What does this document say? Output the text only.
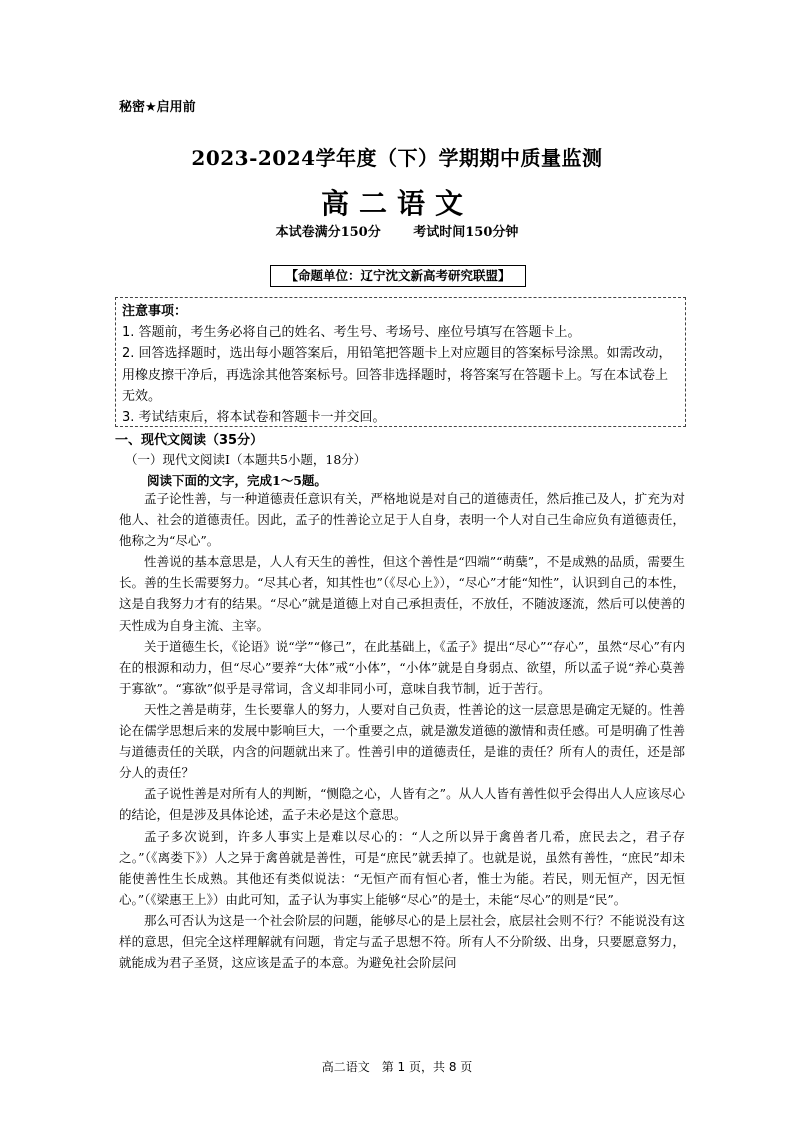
秘密★启用前
2023-2024学年度（下）学期期中质量监测
高二语文
本试卷满分150分	考试时间150分钟
【命题单位：辽宁沈文新高考研究联盟】

注意事项：

1. 答题前，考生务必将自己的姓名、考生号、考场号、座位号填写在答题卡上。

2. 回答选择题时，选出每小题答案后，用铅笔把答题卡上对应题目的答案标号涂黑。如需改动，用橡皮擦干净后，再选涂其他答案标号。回答非选择题时，将答案写在答题卡上。写在本试卷上无效。

3. 考试结束后，将本试卷和答题卡一并交回。

一、现代文阅读（35分）
（一）现代文阅读Ⅰ（本题共5小题，18分）
阅读下面的文字，完成1～5题。

孟子论性善，与一种道德责任意识有关，严格地说是对自己的道德责任，然后推己及人，扩充为对他人、社会的道德责任。因此，孟子的性善论立足于人自身，表明一个人对自己生命应负有道德责任，他称之为“尽心”。

性善说的基本意思是，人人有天生的善性，但这个善性是“四端”“萌蘖”，不是成熟的品质，需要生长。善的生长需要努力。“尽其心者，知其性也”（《尽心上》），“尽心”才能“知性”，认识到自己的本性，这是自我努力才有的结果。“尽心”就是道德上对自己承担责任，不放任，不随波逐流，然后可以使善的天性成为自身主流、主宰。

关于道德生长，《论语》说“学”“修己”，在此基础上，《孟子》提出“尽心”“存心”，虽然“尽心”有内在的根源和动力，但“尽心”要养“大体”戒“小体”，“小体”就是自身弱点、欲望，所以孟子说“养心莫善于寡欲”。“寡欲”似乎是寻常词，含义却非同小可，意味自我节制，近于苦行。

天性之善是萌芽，生长要靠人的努力，人要对自己负责，性善论的这一层意思是确定无疑的。性善论在儒学思想后来的发展中影响巨大，一个重要之点，就是激发道德的激情和责任感。可是明确了性善与道德责任的关联，内含的问题就出来了。性善引申的道德责任，是谁的责任？所有人的责任，还是部分人的责任？

孟子说性善是对所有人的判断，“恻隐之心，人皆有之”。从人人皆有善性似乎会得出人人应该尽心的结论，但是涉及具体论述，孟子未必是这个意思。

孟子多次说到，许多人事实上是难以尽心的：“人之所以异于禽兽者几希，庶民去之，君子存之。”（《离娄下》）人之异于禽兽就是善性，可是“庶民”就丢掉了。也就是说，虽然有善性，“庶民”却未能使善性生长成熟。其他还有类似说法：“无恒产而有恒心者，惟士为能。若民，则无恒产，因无恒心。”（《梁惠王上》）由此可知，孟子认为事实上能够“尽心”的是士，未能“尽心”的则是“民”。

那么可否认为这是一个社会阶层的问题，能够尽心的是上层社会，底层社会则不行？不能说没有这样的意思，但完全这样理解就有问题，肯定与孟子思想不符。所有人不分阶级、出身，只要愿意努力，就能成为君子圣贤，这应该是孟子的本意。为避免社会阶层问

高二语文　第 1 页，共 8 页
